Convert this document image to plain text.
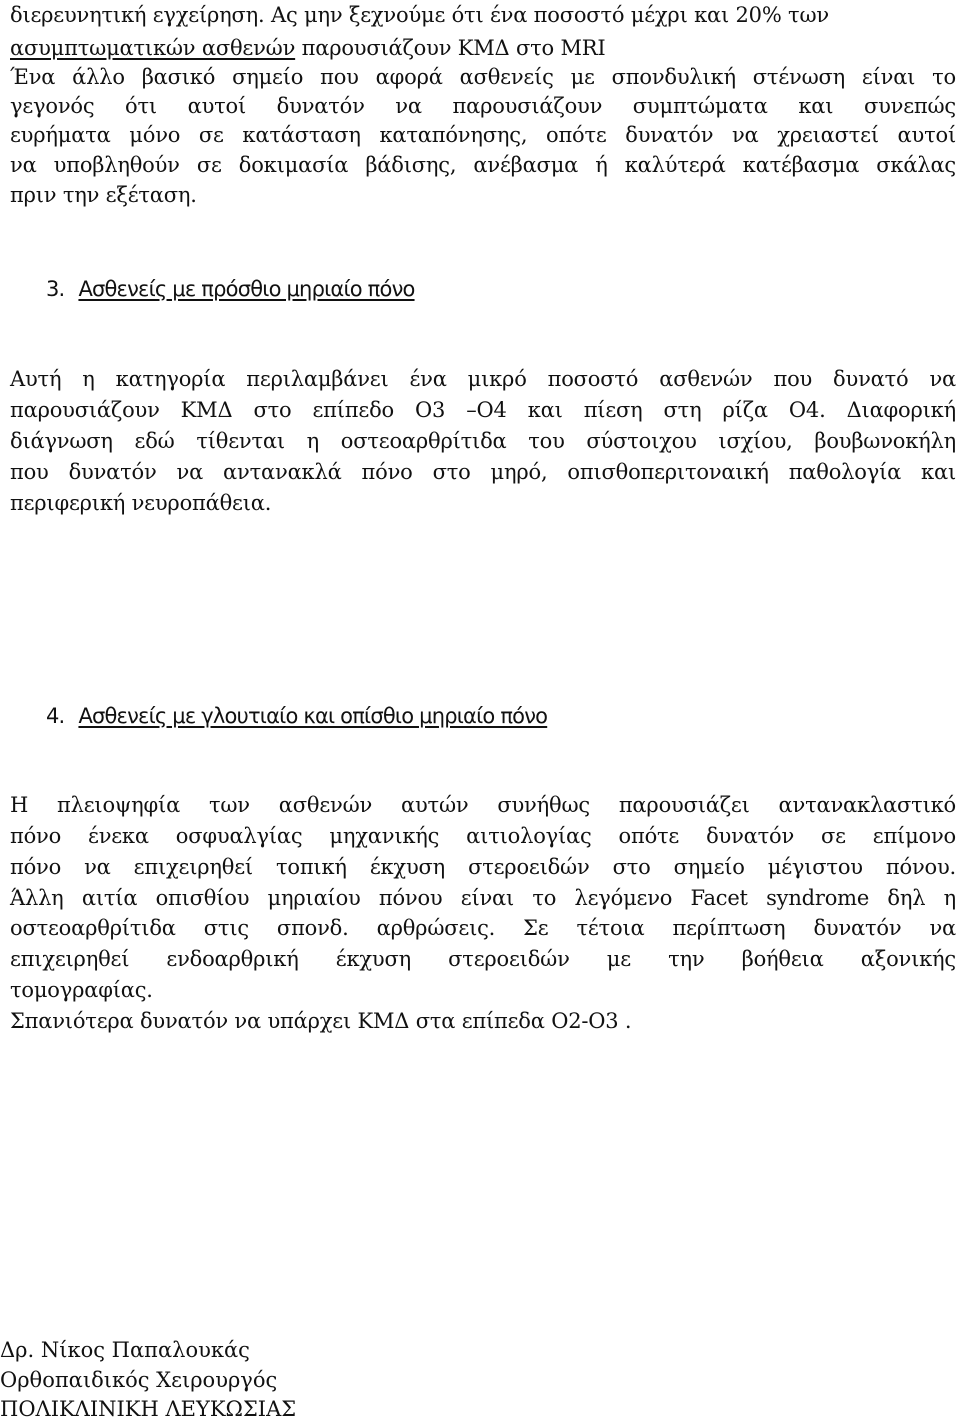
διερευνητική εγχείρηση. Ας μην ξεχνούμε ότι ένα ποσοστό μέχρι και 20% των
ασυμπτωματικών ασθενών παρουσιάζουν ΚΜΔ στο MRI
Ένα άλλο βασικό σημείο που αφορά ασθενείς με σπονδυλική στένωση είναι το
γεγονός ότι αυτοί δυνατόν να παρουσιάζουν συμπτώματα και συνεπώς
ευρήματα μόνο σε κατάσταση καταπόνησης, οπότε δυνατόν να χρειαστεί αυτοί
να υποβληθούν σε δοκιμασία βάδισης, ανέβασμα ή καλύτερά κατέβασμα σκάλας
πριν την εξέταση.
3. Ασθενείς με πρόσθιο μηριαίο πόνο
Αυτή η κατηγορία περιλαμβάνει ένα μικρό ποσοστό ασθενών που δυνατό να
παρουσιάζουν ΚΜΔ στο επίπεδο Ο3 –Ο4 και πίεση στη ρίζα Ο4. Διαφορική
διάγνωση εδώ τίθενται η οστεοαρθρίτιδα του σύστοιχου ισχίου, βουβωνοκήλη
που δυνατόν να αντανακλά πόνο στο μηρό, οπισθοπεριτοναική παθολογία και
περιφερική νευροπάθεια.
4. Ασθενείς με γλουτιαίο και οπίσθιο μηριαίο πόνο
Η πλειοψηφία των ασθενών αυτών συνήθως παρουσιάζει αντανακλαστικό
πόνο ένεκα οσφυαλγίας μηχανικής αιτιολογίας οπότε δυνατόν σε επίμονο
πόνο να επιχειρηθεί τοπική έκχυση στεροειδών στο σημείο μέγιστου πόνου.
Άλλη αιτία οπισθίου μηριαίου πόνου είναι το λεγόμενο Facet syndrome δηλ η
οστεοαρθρίτιδα στις σπονδ. αρθρώσεις. Σε τέτοια περίπτωση δυνατόν να
επιχειρηθεί ενδοαρθρική έκχυση στεροειδών με την βοήθεια αξονικής
τομογραφίας.
Σπανιότερα δυνατόν να υπάρχει ΚΜΔ στα επίπεδα Ο2-Ο3 .
Δρ. Νίκος Παπαλουκάς
Ορθοπαιδικός Χειρουργός
ΠΟΛΙΚΛΙΝΙΚΗ ΛΕΥΚΩΣΙΑΣ
